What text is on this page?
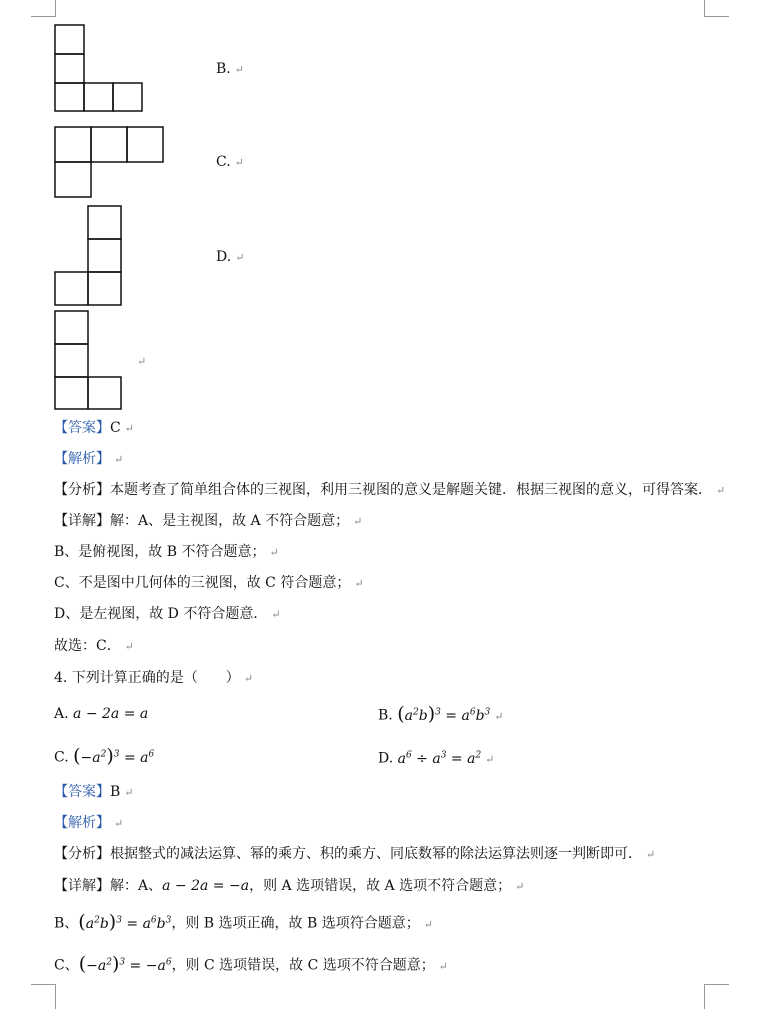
B. ↵
C. ↵
D. ↵
↵
【答案】C ↵
【解析】 ↵
【分析】本题考查了简单组合体的三视图，利用三视图的意义是解题关键．根据三视图的意义，可得答案． ↵
【详解】解：A、是主视图，故 A 不符合题意； ↵
B、是俯视图，故 B 不符合题意； ↵
C、不是图中几何体的三视图，故 C 符合题意； ↵
D、是左视图，故 D 不符合题意． ↵
故选：C． ↵
4. 下列计算正确的是（　　） ↵
A. a − 2a = a	B. $(a^2b)^3 = a^6b^3$ ↵
C. $(-a^2)^3 = a^6$	D. $a^6 \div a^3 = a^2$ ↵
【答案】B ↵
【解析】 ↵
【分析】根据整式的减法运算、幂的乘方、积的乘方、同底数幂的除法运算法则逐一判断即可． ↵
【详解】解：A、a − 2a = −a，则 A 选项错误，故 A 选项不符合题意； ↵
B、$(a^2b)^3 = a^6b^3$，则 B 选项正确，故 B 选项符合题意； ↵
C、$(-a^2)^3 = -a^6$，则 C 选项错误，故 C 选项不符合题意； ↵
